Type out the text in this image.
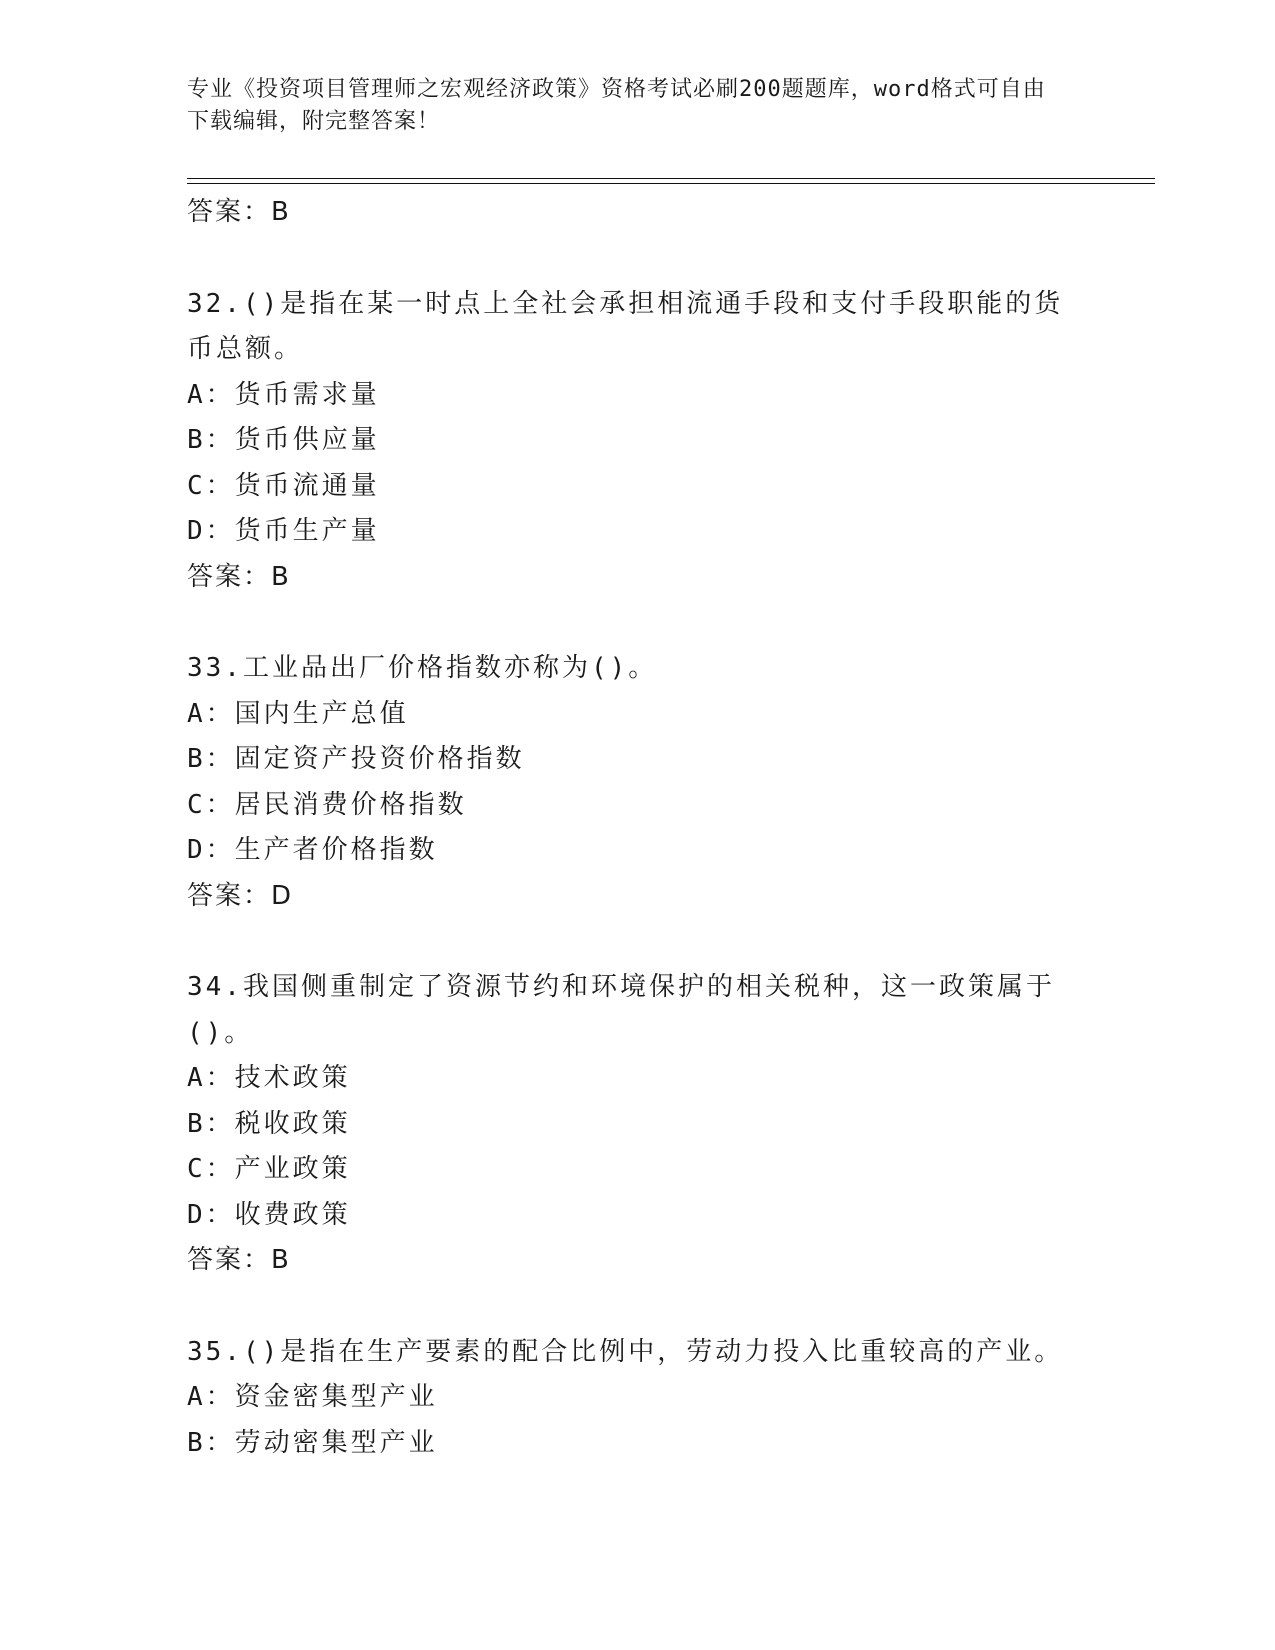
专业《投资项目管理师之宏观经济政策》资格考试必刷200题题库，word格式可自由下载编辑，附完整答案！
答案：B
32.()是指在某一时点上全社会承担相流通手段和支付手段职能的货币总额。
A：货币需求量
B：货币供应量
C：货币流通量
D：货币生产量
答案：B
33.工业品出厂价格指数亦称为()。
A：国内生产总值
B：固定资产投资价格指数
C：居民消费价格指数
D：生产者价格指数
答案：D
34.我国侧重制定了资源节约和环境保护的相关税种，这一政策属于()。
A：技术政策
B：税收政策
C：产业政策
D：收费政策
答案：B
35.()是指在生产要素的配合比例中，劳动力投入比重较高的产业。
A：资金密集型产业
B：劳动密集型产业
